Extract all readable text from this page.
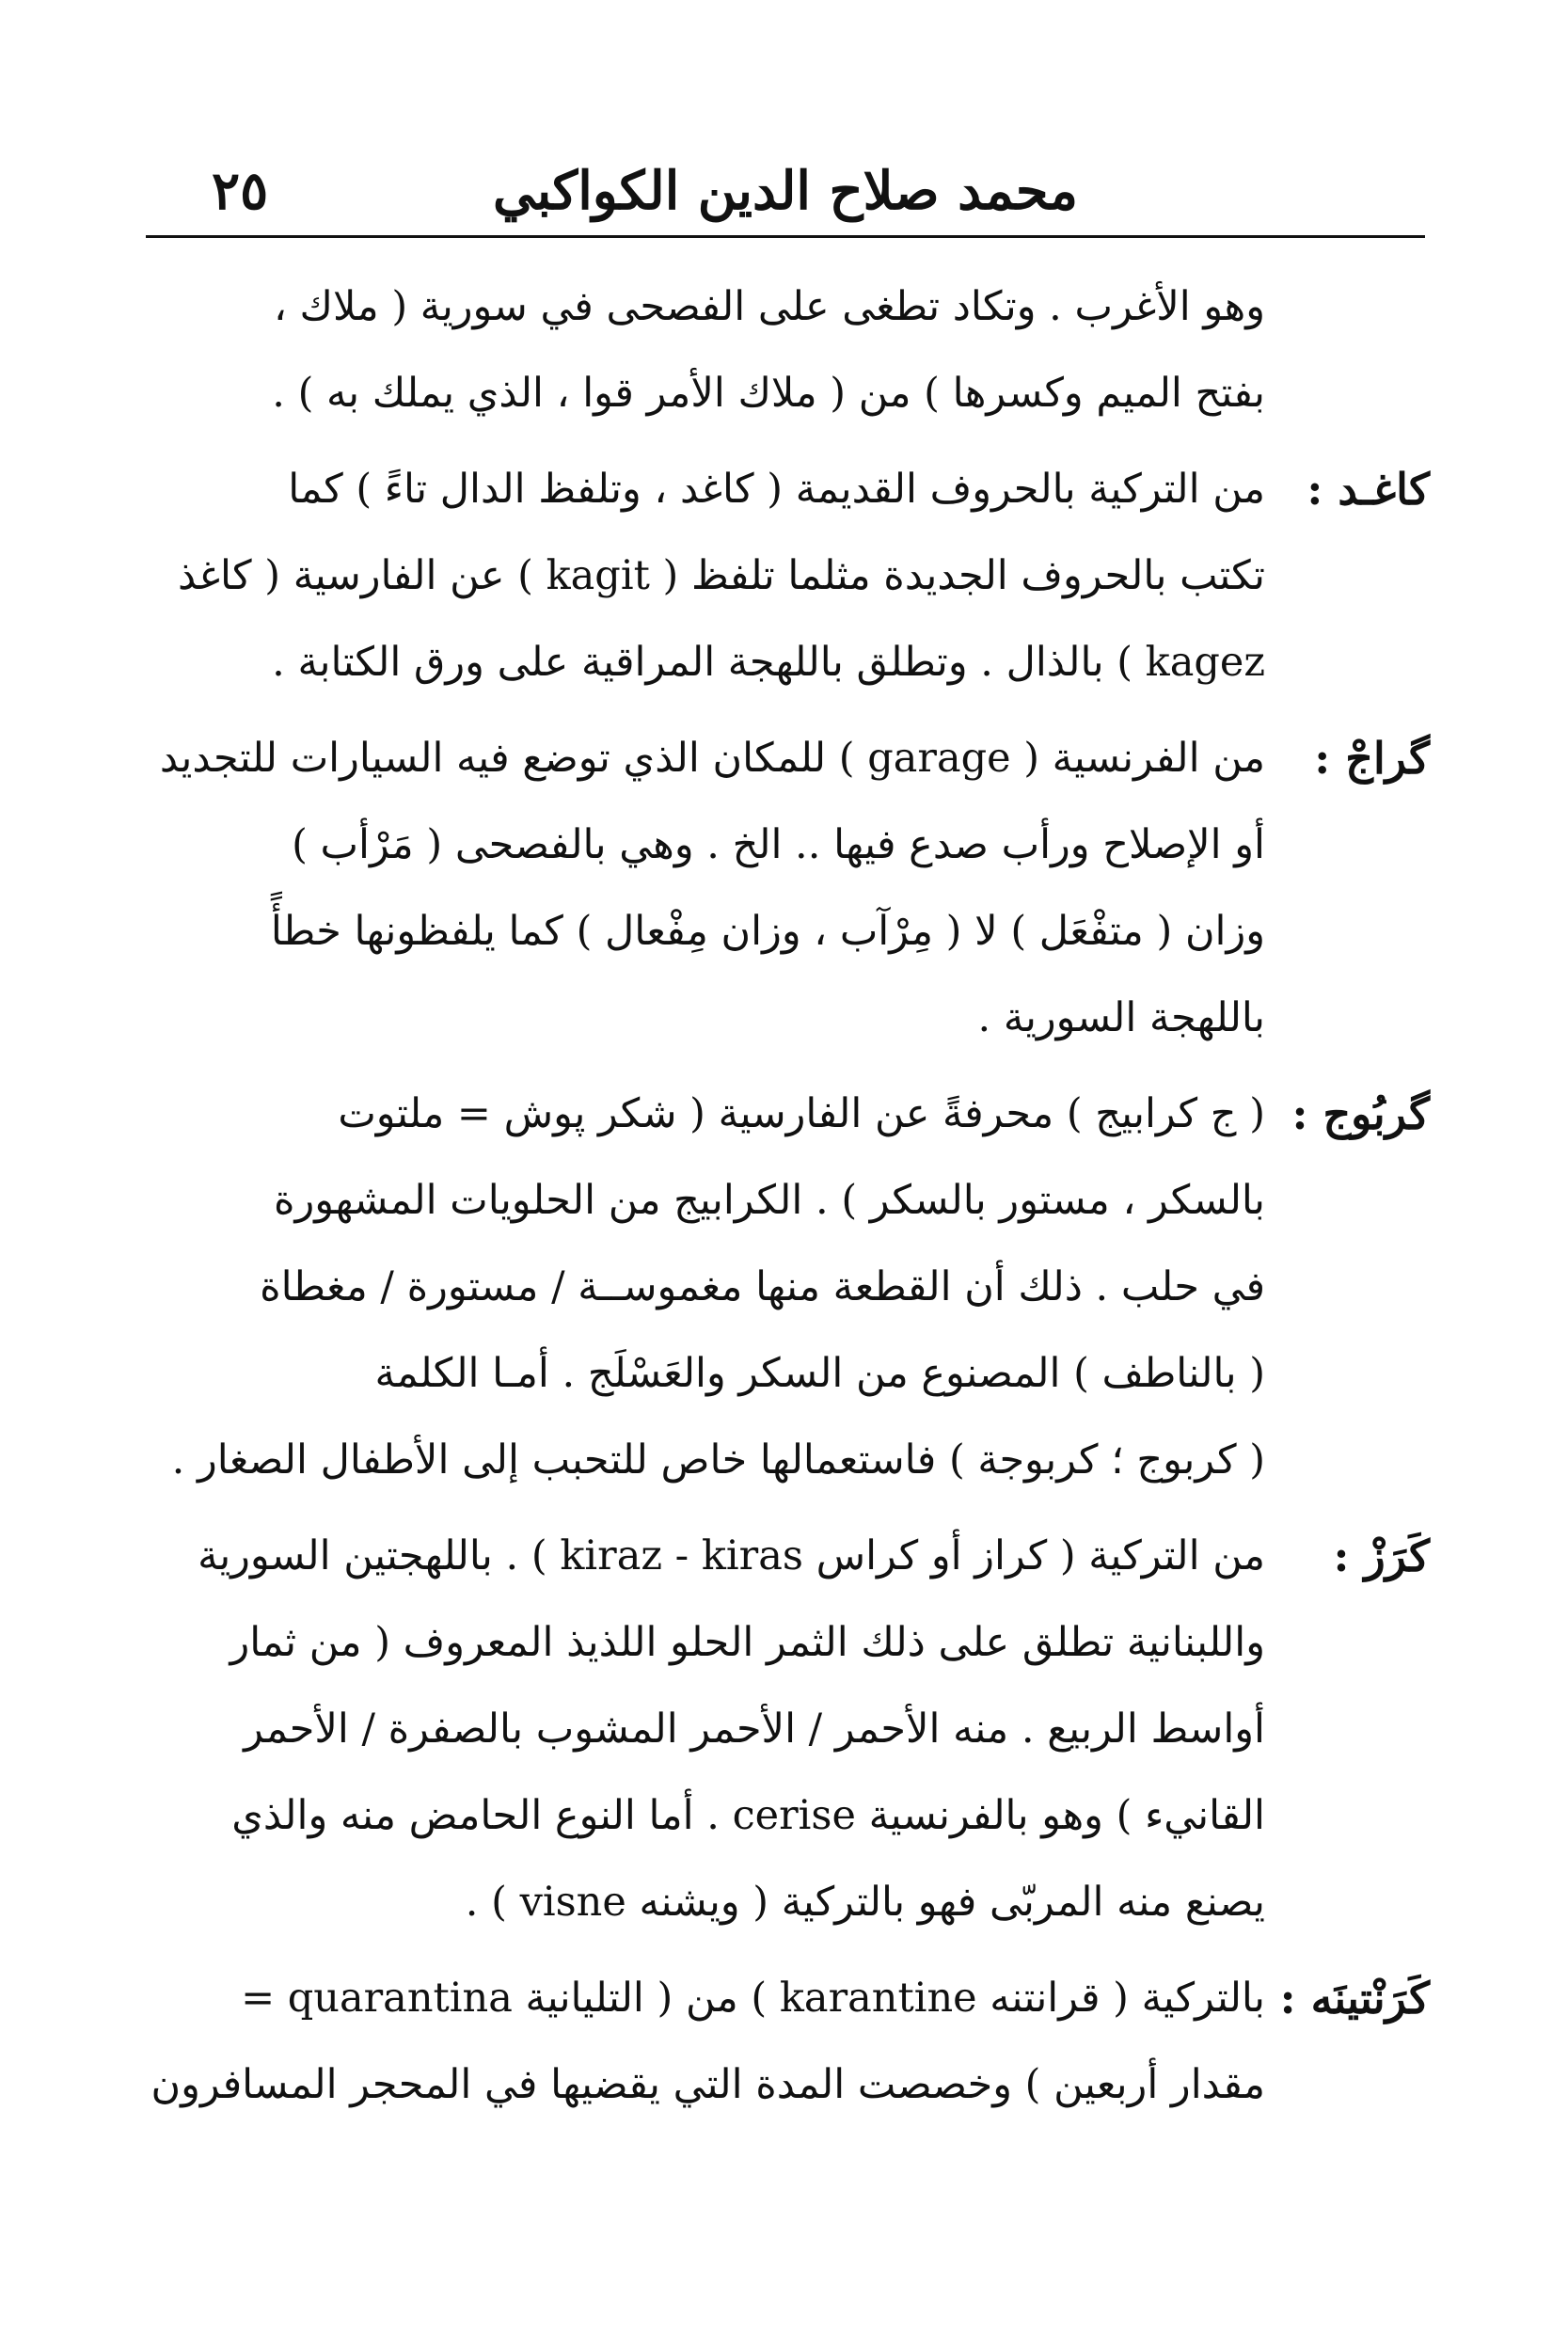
محمد صلاح الدين الكواكبي
٢٥
وهو الأغرب . وتكاد تطغى على الفصحى في سورية ( ملاك ،
بفتح الميم وكسرها ) من ( ملاك الأمر قوا ، الذي يملك به ) .
كاغـد :
من التركية بالحروف القديمة ( كاغد ، وتلفظ الدال تاءً ) كما
تكتب بالحروف الجديدة مثلما تلفظ ( kagit ) عن الفارسية ( كاغذ
kagez ) بالذال . وتطلق باللهجة المراقية على ورق الكتابة .
گراجْ :
من الفرنسية ( garage ) للمكان الذي توضع فيه السيارات للتجديد
أو الإصلاح ورأب صدع فيها .. الخ . وهي بالفصحى ( مَرْأب )
وزان ( متفْعَل ) لا ( مِرْآب ، وزان مِفْعال ) كما يلفظونها خطأً
باللهجة السورية .
گربُوج :
( ج كرابيج ) محرفةً عن الفارسية ( شكر پوش = ملتوت
بالسكر ، مستور بالسكر ) . الكرابيج من الحلويات المشهورة
في حلب . ذلك أن القطعة منها مغموســة / مستورة / مغطاة
( بالناطف ) المصنوع من السكر والعَسْلَج . أمـا الكلمة
( كربوج ؛ كربوجة ) فاستعمالها خاص للتحبب إلى الأطفال الصغار .
كَرَزْ :
من التركية ( كراز أو كراس kiraz - kiras ) . باللهجتين السورية
واللبنانية تطلق على ذلك الثمر الحلو اللذيذ المعروف ( من ثمار
أواسط الربيع . منه الأحمر / الأحمر المشوب بالصفرة / الأحمر
القانيء ) وهو بالفرنسية cerise . أما النوع الحامض منه والذي
يصنع منه المربّى فهو بالتركية ( ويشنه visne ) .
كَرَنْتينَه :
بالتركية ( قرانتنه karantine ) من ( التليانية quarantina =
مقدار أربعين ) وخصصت المدة التي يقضيها في المحجر المسافرون
